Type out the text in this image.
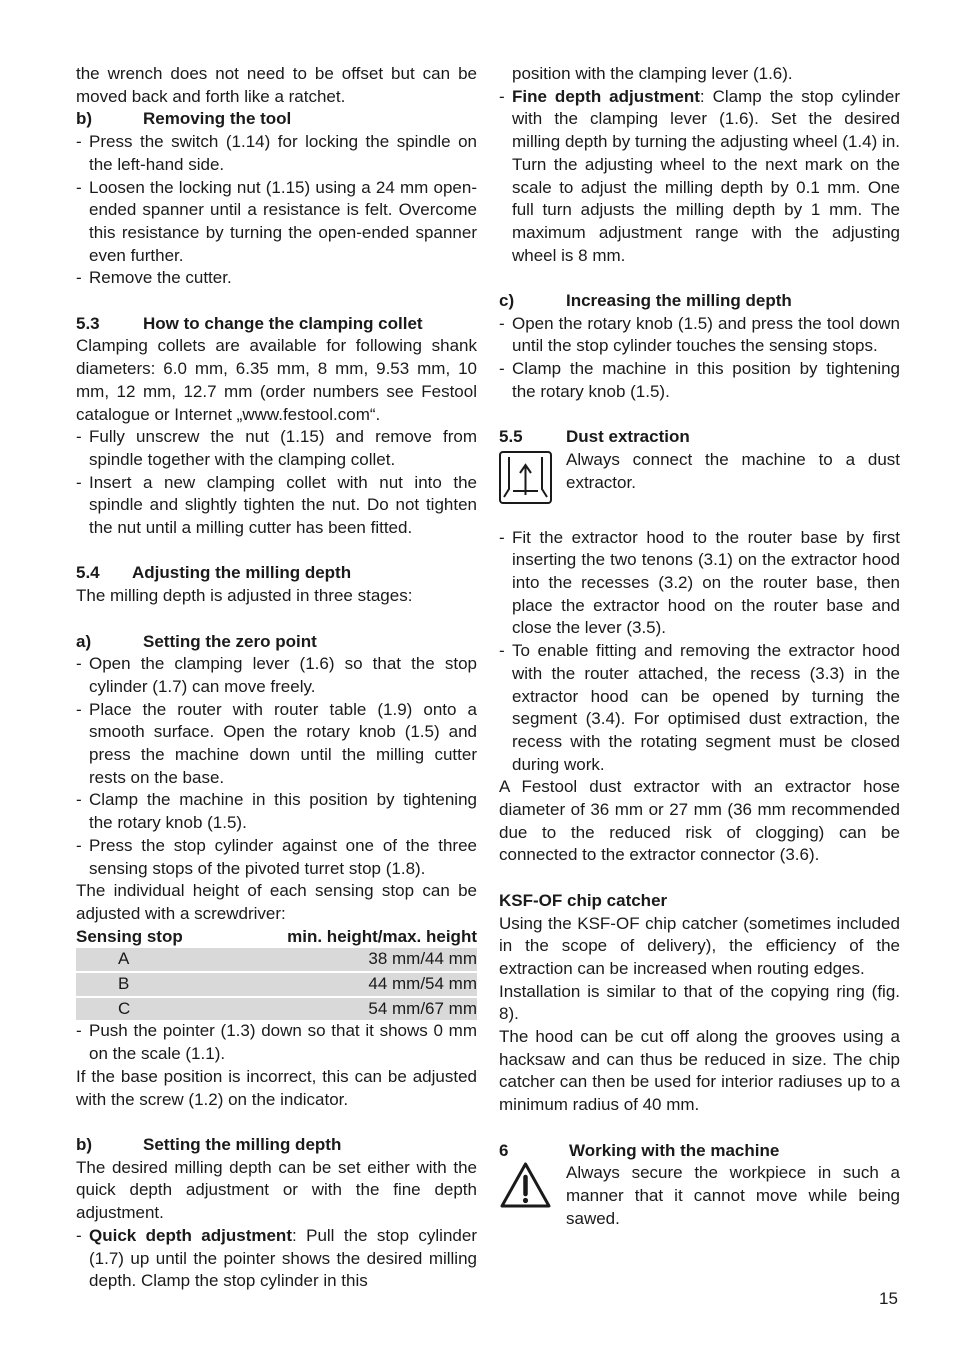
the wrench does not need to be offset but can be moved back and forth like a ratchet.

b)	Removing the tool
- Press the switch (1.14) for locking the spindle on the left-hand side.
- Loosen the locking nut (1.15) using a 24 mm open-ended spanner until a resistance is felt. Overcome this resistance by turning the open-ended spanner even further.
- Remove the cutter.
5.3	How to change the clamping collet

Clamping collets are available for following shank diameters: 6.0 mm, 6.35 mm, 8 mm, 9.53 mm, 10 mm, 12 mm, 12.7 mm (order numbers see Festool catalogue or Internet „www.festool.com“.

- Fully unscrew the nut (1.15) and remove from spindle together with the clamping collet.
- Insert a new clamping collet with nut into the spindle and slightly tighten the nut. Do not tighten the nut until a milling cutter has been fitted.
5.4	Adjusting the milling depth

The milling depth is adjusted in three stages:

a)	Setting the zero point
- Open the clamping lever (1.6) so that the stop cylinder (1.7) can move freely.
- Place the router with router table (1.9) onto a smooth surface. Open the rotary knob (1.5) and press the machine down until the milling cutter rests on the base.
- Clamp the machine in this position by tightening the rotary knob (1.5).
- Press the stop cylinder against one of the three sensing stops of the pivoted turret stop (1.8).

The individual height of each sensing stop can be adjusted with a screwdriver:

Sensing stop	min. height/max. height
A	38 mm/44 mm
B	44 mm/54 mm
C	54 mm/67 mm
- Push the pointer (1.3) down so that it shows 0 mm on the scale (1.1).

If the base position is incorrect, this can be adjusted with the screw (1.2) on the indicator.

b)	Setting the milling depth

The desired milling depth can be set either with the quick depth adjustment or with the fine depth adjustment.

- Quick depth adjustment: Pull the stop cylinder (1.7) up until the pointer shows the desired milling depth. Clamp the stop cylinder in this
position with the clamping lever (1.6).
- Fine depth adjustment: Clamp the stop cylinder with the clamping lever (1.6). Set the desired milling depth by turning the adjusting wheel (1.4) in. Turn the adjusting wheel to the next mark on the scale to adjust the milling depth by 0.1 mm. One full turn adjusts the milling depth by 1 mm. The maximum adjustment range with the adjusting wheel is 8 mm.
c)	Increasing the milling depth
- Open the rotary knob (1.5) and press the tool down until the stop cylinder touches the sensing stops.
- Clamp the machine in this position by tightening the rotary knob (1.5).
5.5	Dust extraction

Always connect the machine to a dust extractor.

- Fit the extractor hood to the router base by first inserting the two tenons (3.1) on the extractor hood into the recesses (3.2) on the router base, then place the extractor hood on the router base and close the lever (3.5).
- To enable fitting and removing the extractor hood with the router attached, the recess (3.3) in the extractor hood can be opened by turning the segment (3.4). For optimised dust extraction, the recess with the rotating segment must be closed during work.

A Festool dust extractor with an extractor hose diameter of 36 mm or 27 mm (36 mm recommended due to the reduced risk of clogging) can be connected to the extractor connector (3.6).

KSF-OF chip catcher

Using the KSF-OF chip catcher (sometimes included in the scope of delivery), the efficiency of the extraction can be increased when routing edges.

Installation is similar to that of the copying ring (fig. 8).

The hood can be cut off along the grooves using a hacksaw and can thus be reduced in size. The chip catcher can then be used for interior radiuses up to a minimum radius of 40 mm.

6	Working with the machine

Always secure the workpiece in such a manner that it cannot move while being sawed.

15
